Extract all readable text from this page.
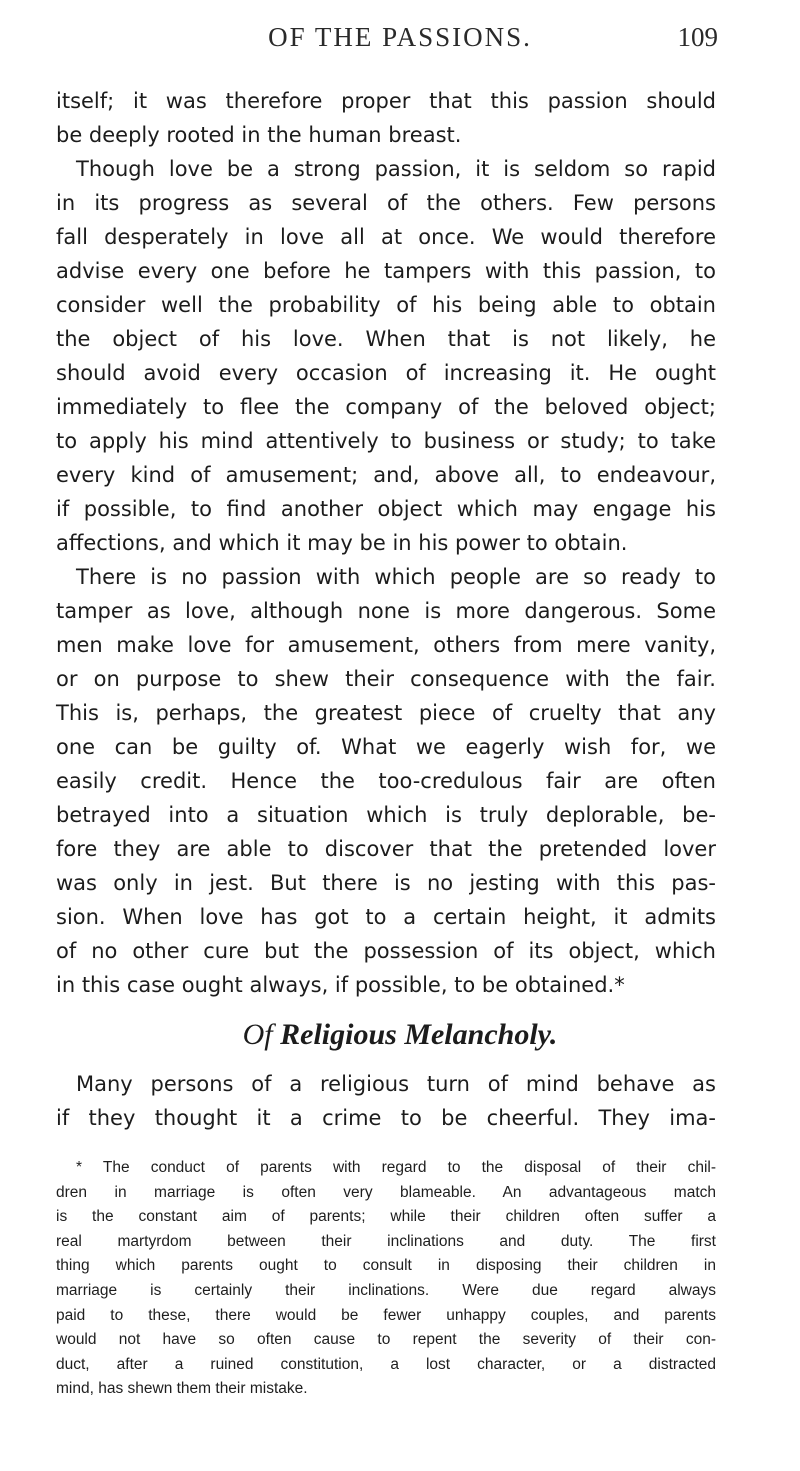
OF THE PASSIONS.	109
itself; it was therefore proper that this passion should
be deeply rooted in the human breast.
Though love be a strong passion, it is seldom so rapid
in its progress as several of the others. Few persons
fall desperately in love all at once. We would therefore
advise every one before he tampers with this passion, to
consider well the probability of his being able to obtain
the object of his love. When that is not likely, he
should avoid every occasion of increasing it. He ought
immediately to flee the company of the beloved object;
to apply his mind attentively to business or study; to take
every kind of amusement; and, above all, to endeavour,
if possible, to find another object which may engage his
affections, and which it may be in his power to obtain.
There is no passion with which people are so ready to
tamper as love, although none is more dangerous. Some
men make love for amusement, others from mere vanity,
or on purpose to shew their consequence with the fair.
This is, perhaps, the greatest piece of cruelty that any
one can be guilty of. What we eagerly wish for, we
easily credit. Hence the too-credulous fair are often
betrayed into a situation which is truly deplorable, be-
fore they are able to discover that the pretended lover
was only in jest. But there is no jesting with this pas-
sion. When love has got to a certain height, it admits
of no other cure but the possession of its object, which
in this case ought always, if possible, to be obtained.*
Of Religious Melancholy.
Many persons of a religious turn of mind behave as
if they thought it a crime to be cheerful. They ima-
* The conduct of parents with regard to the disposal of their chil-
dren in marriage is often very blameable. An advantageous match
is the constant aim of parents; while their children often suffer a
real martyrdom between their inclinations and duty. The first
thing which parents ought to consult in disposing their children in
marriage is certainly their inclinations. Were due regard always
paid to these, there would be fewer unhappy couples, and parents
would not have so often cause to repent the severity of their con-
duct, after a ruined constitution, a lost character, or a distracted
mind, has shewn them their mistake.
